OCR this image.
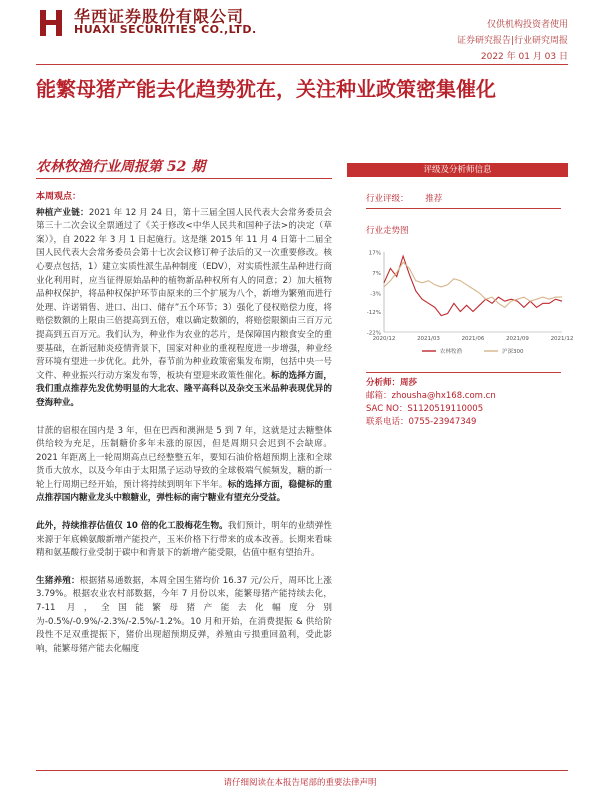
华西证券股份有限公司
HUAXI SECURITIES CO.,LTD.	仅供机构投资者使用
证券研究报告|行业研究周报
2022 年 01 月 03 日
能繁母猪产能去化趋势犹在，关注种业政策密集催化
农林牧渔行业周报第 52 期
本周观点：

种植产业链：2021 年 12 月 24 日，第十三届全国人民代表大会常务委员会第三十二次会议全票通过了《关于修改<中华人民共和国种子法>的决定（草案）》，自 2022 年 3 月 1 日起施行。这是继 2015 年 11 月 4 日第十二届全国人民代表大会常务委员会第十七次会议修订种子法后的又一次重要修改。核心要点包括，1）建立实质性派生品种制度（EDV），对实质性派生品种进行商业化利用时，应当征得原始品种的植物新品种权所有人的同意；2）加大植物品种权保护，将品种权保护环节由原来的三个扩展为八个，新增为繁殖而进行处理、许诺销售、进口、出口、储存”五个环节；3）强化了侵权赔偿力度，将赔偿数额的上限由三倍提高到五倍，难以确定数额的，将赔偿限额由三百万元提高到五百万元。我们认为，种业作为农业的芯片，是保障国内粮食安全的重要基础，在新冠肺炎疫情背景下，国家对种业的重视程度进一步增强，种业经营环境有望进一步优化。此外，春节前为种业政策密集发布期，包括中央一号文件、种业振兴行动方案发布等，板块有望迎来政策性催化。标的选择方面，我们重点推荐先发优势明显的大北农、隆平高科以及杂交玉米品种表现优异的登海种业。

甘蔗的宿根在国内是 3 年，但在巴西和澳洲是 5 到 7 年，这就是过去糖整体供给较为充足，压制糖价多年未涨的原因，但是周期只会迟到不会缺席。2021 年距离上一轮周期高点已经整整五年，要知石油价格超预期上涨和全球货币大放水，以及今年由于太阳黑子运动导致的全球极端气候频发，糖的新一轮上行周期已经开始，预计将持续到明年下半年。标的选择方面，稳健标的重点推荐国内糖业龙头中粮糖业，弹性标的南宁糖业有望充分受益。

此外，持续推荐估值仅 10 倍的化工股梅花生物。我们预计，明年的业绩弹性来源于年底赖氨酸新增产能投产，玉米价格下行带来的成本改善。长期来看味精和氨基酸行业受制于碳中和背景下的新增产能受限，估值中枢有望抬升。

生猪养殖：根据猪易通数据，本周全国生猪均价 16.37 元/公斤，周环比上涨 3.79%。根据农业农村部数据，今年 7 月份以来，能繁母猪产能持续去化，7-11 月，全国能繁母猪产能去化幅度分别为-0.5%/-0.9%/-2.3%/-2.5%/-1.2%。10 月和开始，在消费提振 & 供给阶段性不足双重提振下，猪价出现超预期反弹，养殖由亏损重回盈利，受此影响，能繁母猪产能去化幅度

评级及分析师信息
行业评级： 推荐
行业走势图
17%
7%
-3%
-12%
-22%
2020/12	2021/03	2021/06	2021/09	2021/12
农林牧渔	沪深300
分析师：周莎
邮箱：zhousha@hx168.com.cn
SAC NO：S1120519110005
联系电话：0755-23947349
请仔细阅读在本报告尾部的重要法律声明
